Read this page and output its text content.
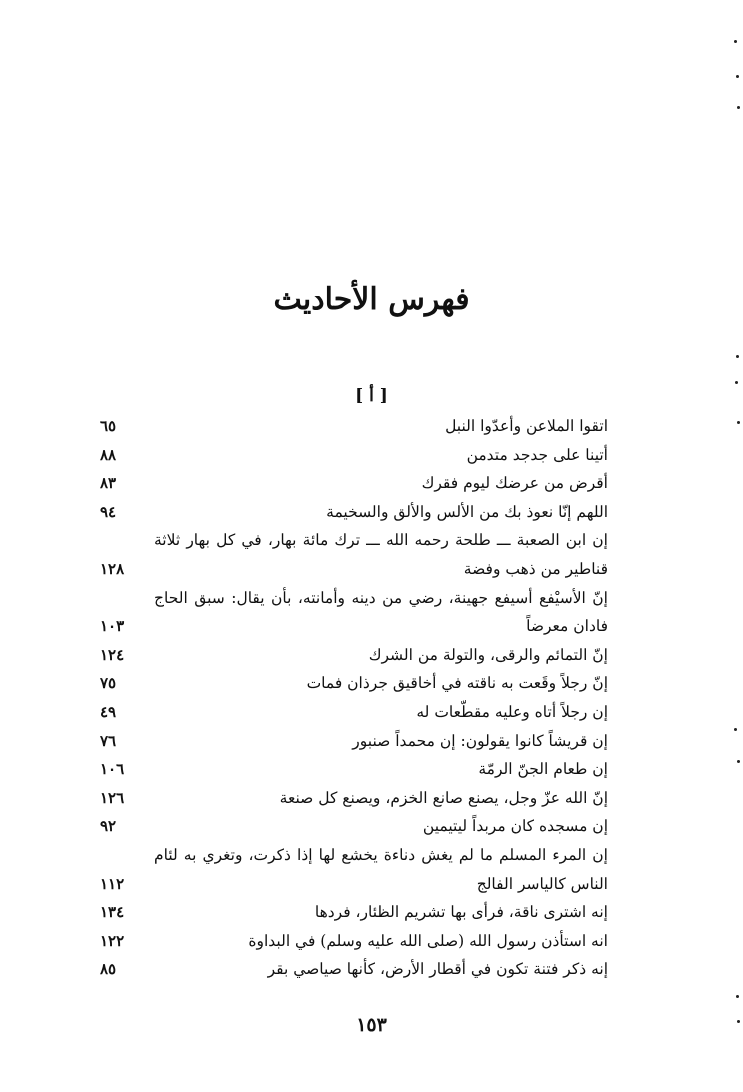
فهرس الأحاديث
[ أ ]
اتقوا الملاعن وأعدّوا النبل
٦٥
أتينا على جدجد متدمن
٨٨
أقرض من عرضك ليوم فقرك
٨٣
اللهم إنّا نعوذ بك من الألس والألق والسخيمة
٩٤
إن ابن الصعبة ـــ طلحة رحمه الله ـــ ترك مائة بهار، في كل بهار ثلاثة قناطير من ذهب وفضة
١٢٨
إنّ الأسيْفع أسيفع جهينة، رضي من دينه وأمانته، بأن يقال: سبق الحاج فادان معرضاً
١٠٣
إنّ التمائم والرقى، والتولة من الشرك
١٢٤
إنّ رجلاً وقَعت به ناقته في أخاقيق جرذان فمات
٧٥
إن رجلاً أتاه وعليه مقطّعات له
٤٩
إن قريشاً كانوا يقولون: إن محمداً صنبور
٧٦
إن طعام الجنّ الرمّة
١٠٦
إنّ الله عزّ وجل، يصنع صانع الخزم، ويصنع كل صنعة
١٢٦
إن مسجده كان مربداً ليتيمين
٩٢
إن المرء المسلم ما لم يغش دناءة يخشع لها إذا ذكرت، وتغري به لئام الناس كالياسر الفالج
١١٢
إنه اشترى ناقة، فرأى بها تشريم الظئار، فردها
١٣٤
انه استأذن رسول الله (صلى الله عليه وسلم) في البداوة
١٢٢
إنه ذكر فتنة تكون في أقطار الأرض، كأنها صياصي بقر
٨٥
١٥٣
